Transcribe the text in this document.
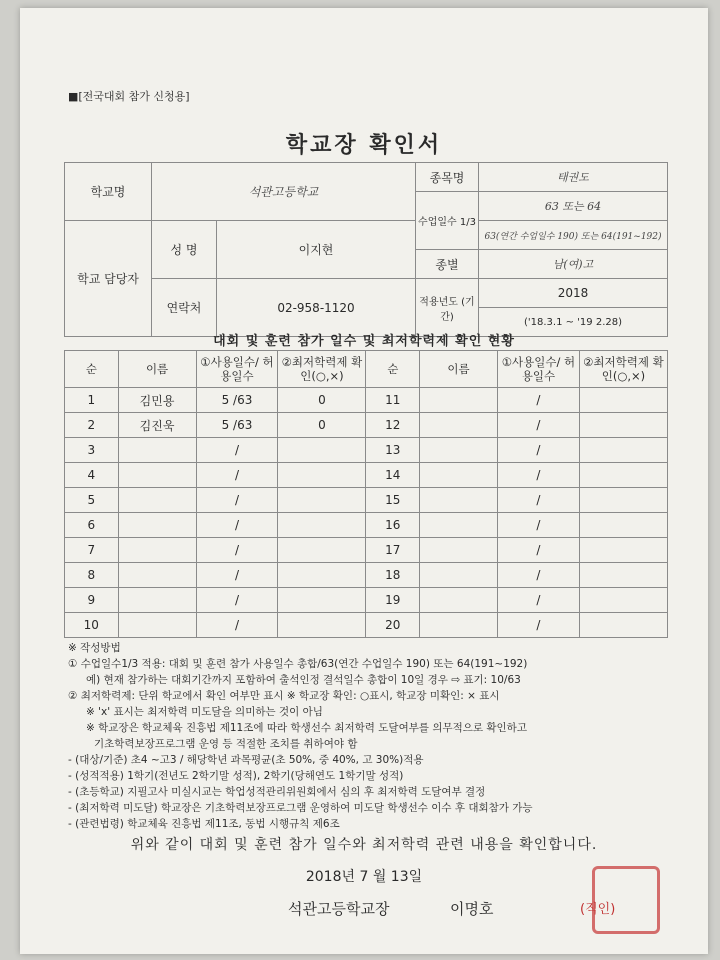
■[전국대회 참가 신청용]
학교장 확인서
학교명	석관고등학교		종목명	태권도
			수업일수 1/3	63 또는 64
학교 담당자	성 명	이지현		63(연간 수업일수 190) 또는 64(191~192)
			종별	남(여)고
	연락처	02-958-1120	적용년도 (기간)	2018
				('18.3.1 ~ '19 2.28)
대회 및 훈련 참가 일수 및 최저학력제 확인 현황
순	이름	①사용일수/ 허용일수	②최저학력제 확인(○,×)	순	이름	①사용일수/ 허용일수	②최저학력제 확인(○,×)
1	김민용	5 /63	0	11		/	
2	김진욱	5 /63	0	12		/	
3		/		13		/	
4		/		14		/	
5		/		15		/	
6		/		16		/	
7		/		17		/	
8		/		18		/	
9		/		19		/	
10		/		20		/	
※ 작성방법
① 수업일수1/3 적용: 대회 및 훈련 참가 사용일수 총합/63(연간 수업일수 190) 또는 64(191~192)
예) 현재 참가하는 대회기간까지 포함하여 출석인정 결석일수 총합이 10일 경우 ⇨ 표기: 10/63
② 최저학력제: 단위 학교에서 확인 여부만 표시 ※ 학교장 확인: ○표시, 학교장 미확인: × 표시
※ 'x' 표시는 최저학력 미도달을 의미하는 것이 아님
※ 학교장은 학교체육 진흥법 제11조에 따라 학생선수 최저학력 도달여부를 의무적으로 확인하고
기초학력보장프로그램 운영 등 적절한 조치를 취하여야 함
- (대상/기준) 초4 ~고3 / 해당학년 과목평균(초 50%, 중 40%, 고 30%)적용
- (성적적용) 1학기(전년도 2학기말 성적), 2학기(당해연도 1학기말 성적)
- (초등학교) 지필고사 미실시교는 학업성적관리위원회에서 심의 후 최저학력 도달여부 결정
- (최저학력 미도달) 학교장은 기초학력보장프로그램 운영하여 미도달 학생선수 이수 후 대회참가 가능
- (관련법령) 학교체육 진흥법 제11조, 동법 시행규칙 제6조
위와 같이 대회 및 훈련 참가 일수와 최저학력 관련 내용을 확인합니다.
2018년 7 월 13일
석관고등학교장	이명호	(직인)
